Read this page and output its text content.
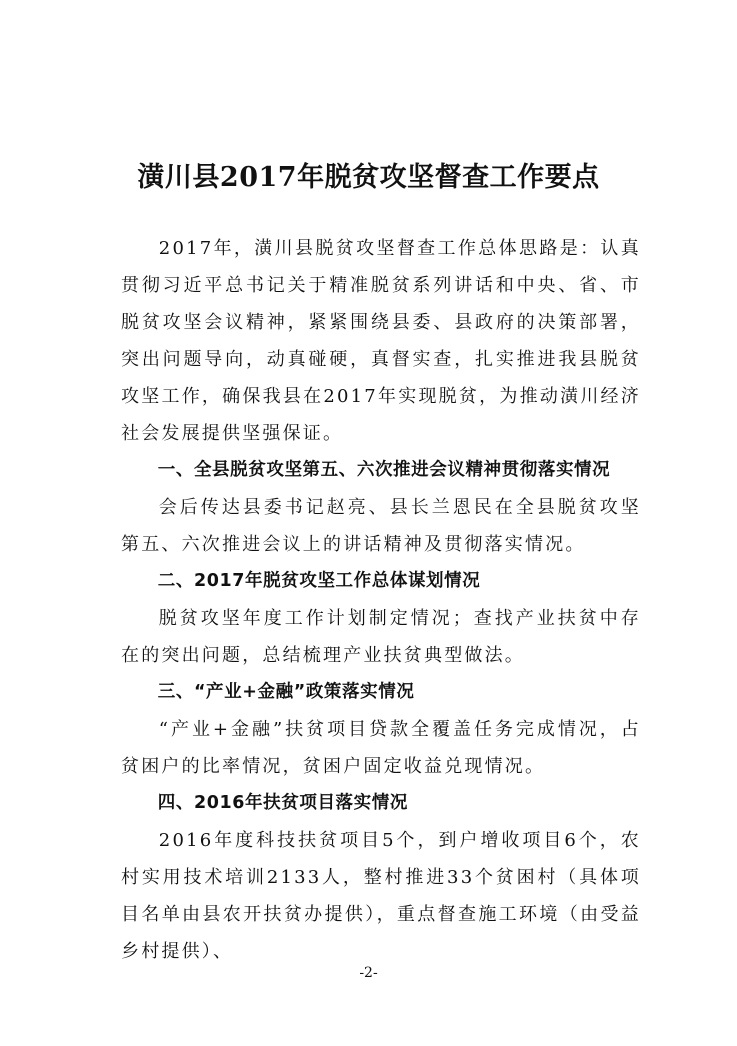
潢川县2017年脱贫攻坚督查工作要点

2017年，潢川县脱贫攻坚督查工作总体思路是：认真贯彻习近平总书记关于精准脱贫系列讲话和中央、省、市脱贫攻坚会议精神，紧紧围绕县委、县政府的决策部署，突出问题导向，动真碰硬，真督实查，扎实推进我县脱贫攻坚工作，确保我县在2017年实现脱贫，为推动潢川经济社会发展提供坚强保证。

一、全县脱贫攻坚第五、六次推进会议精神贯彻落实情况

会后传达县委书记赵亮、县长兰恩民在全县脱贫攻坚第五、六次推进会议上的讲话精神及贯彻落实情况。

二、2017年脱贫攻坚工作总体谋划情况

脱贫攻坚年度工作计划制定情况；查找产业扶贫中存在的突出问题，总结梳理产业扶贫典型做法。

三、“产业+金融”政策落实情况

“产业+金融”扶贫项目贷款全覆盖任务完成情况，占贫困户的比率情况，贫困户固定收益兑现情况。

四、2016年扶贫项目落实情况

2016年度科技扶贫项目5个，到户增收项目6个，农村实用技术培训2133人，整村推进33个贫困村（具体项目名单由县农开扶贫办提供），重点督查施工环境（由受益乡村提供）、

-2-
